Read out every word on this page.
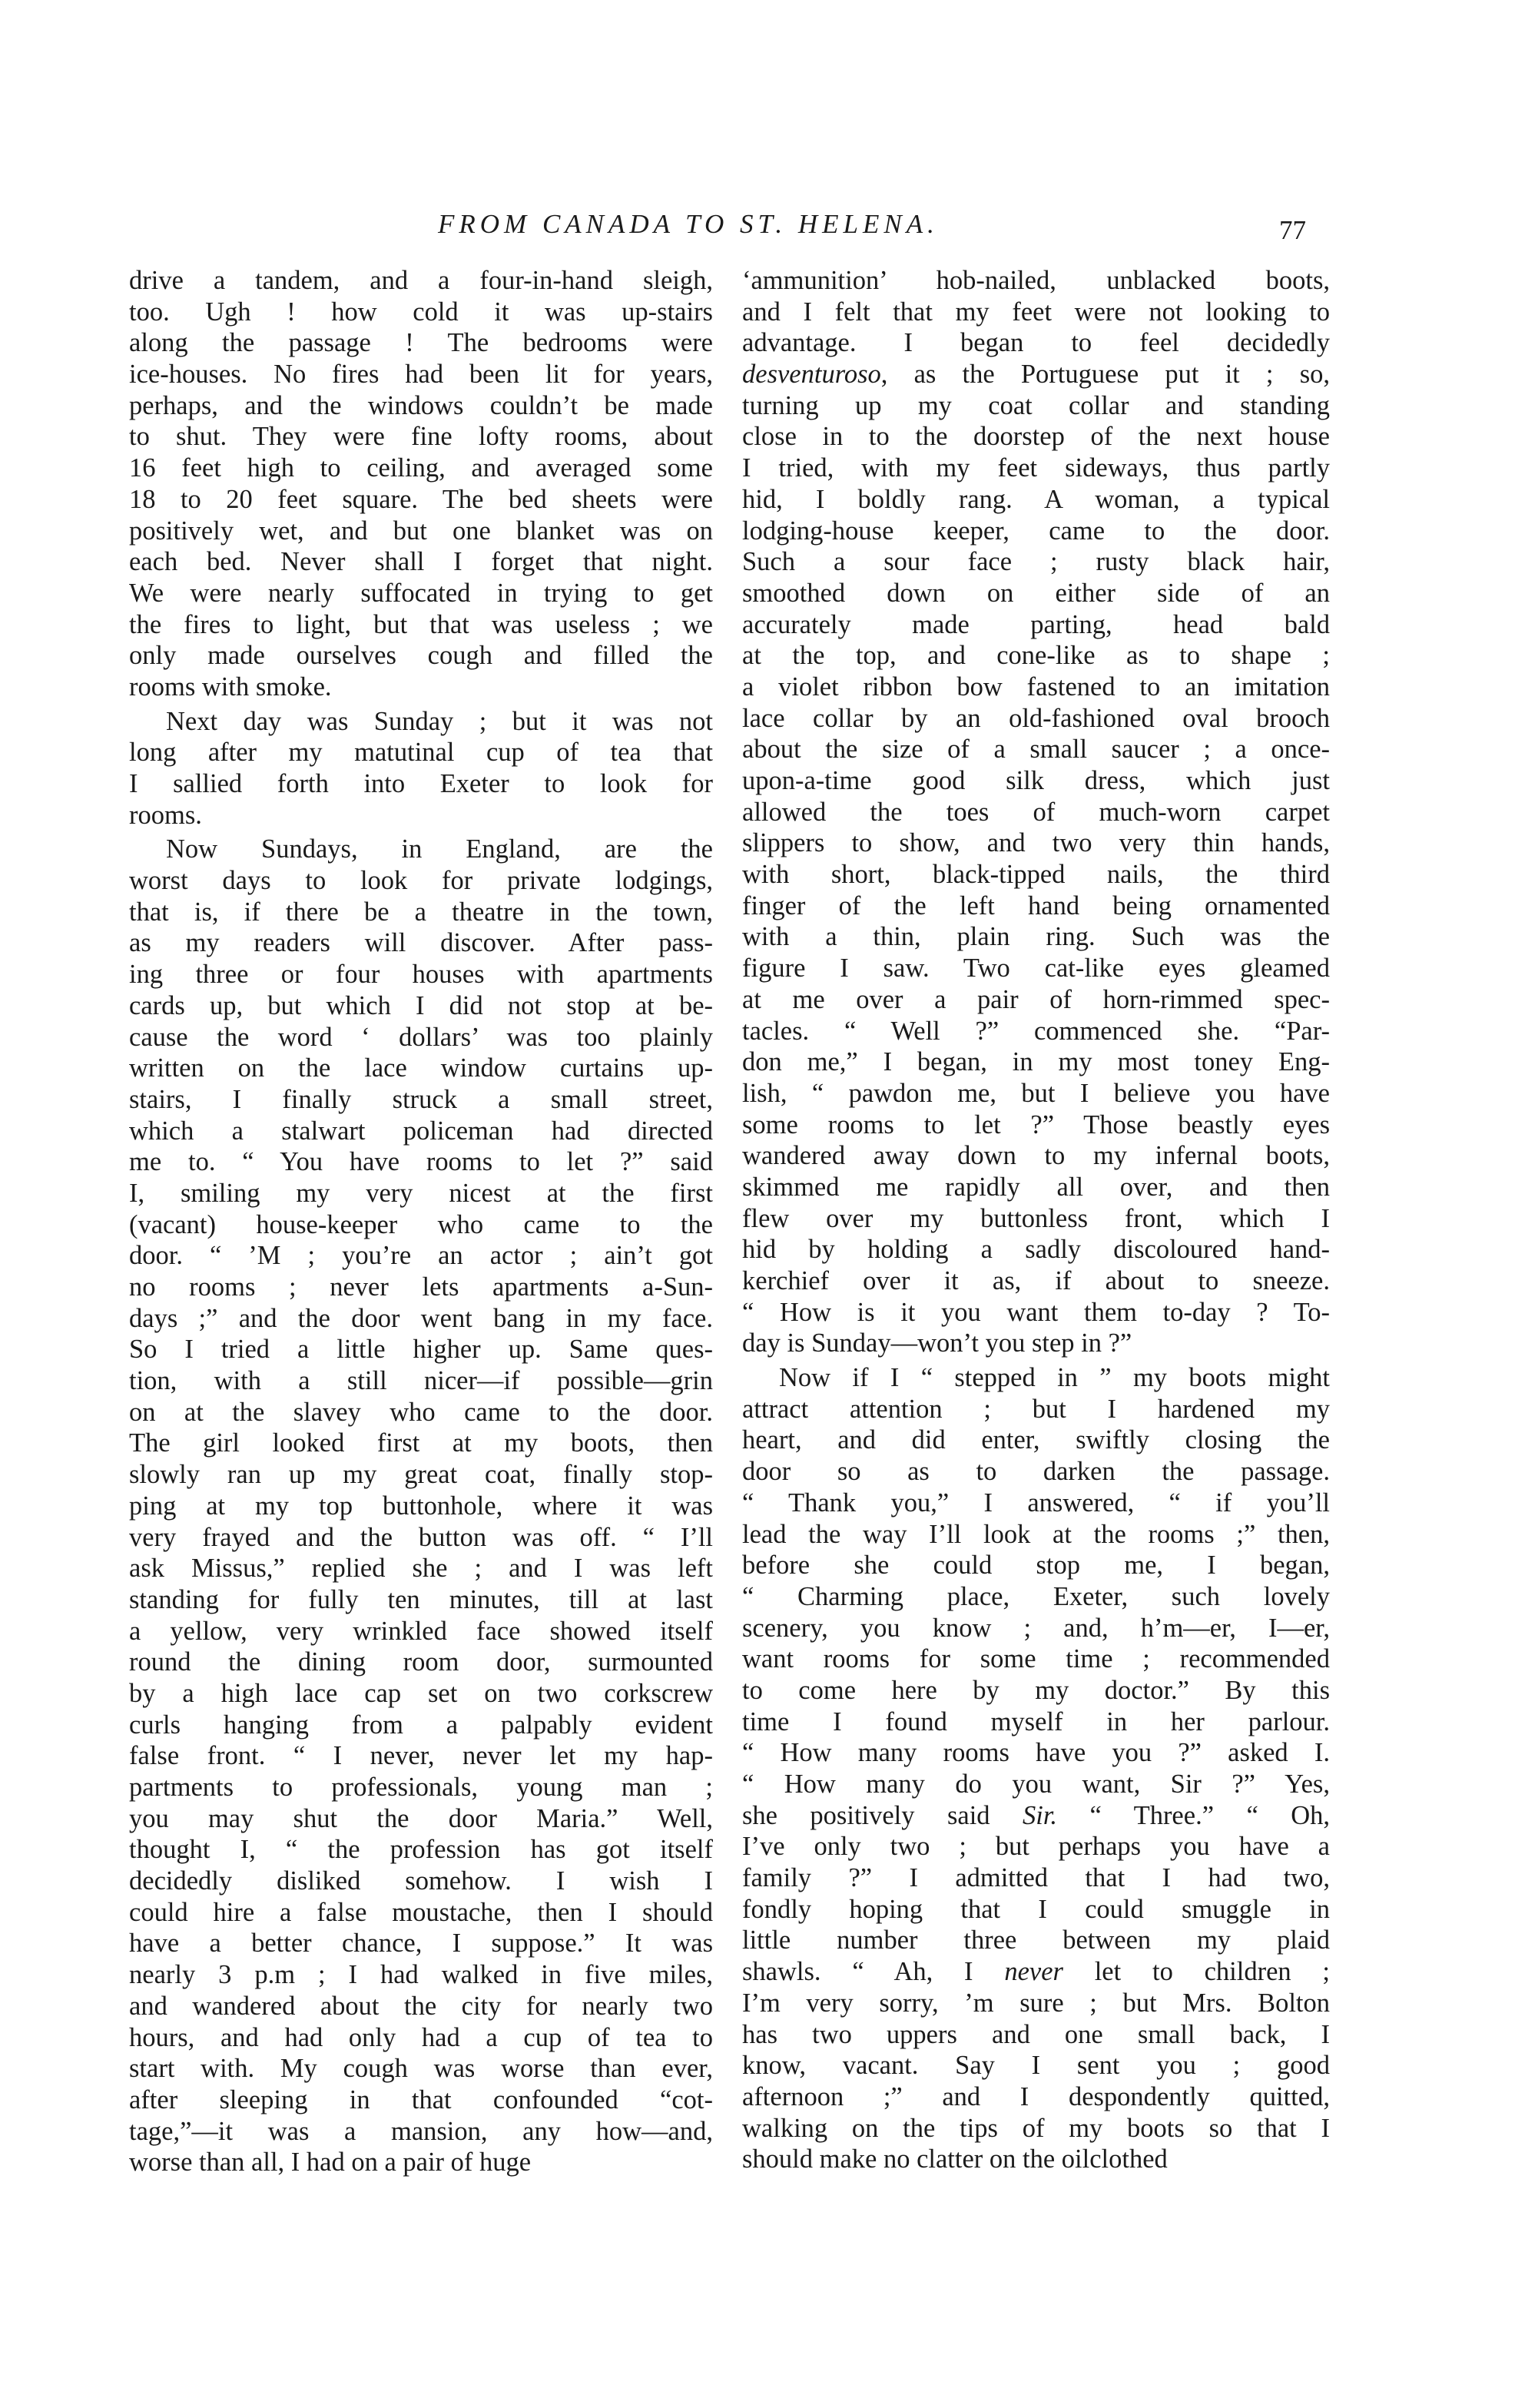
FROM CANADA TO ST. HELENA.	77
drive a tandem, and a four-in-hand sleigh,
too. Ugh ! how cold it was up-stairs
along the passage ! The bedrooms were
ice-houses. No fires had been lit for years,
perhaps, and the windows couldn’t be made
to shut. They were fine lofty rooms, about
16 feet high to ceiling, and averaged some
18 to 20 feet square. The bed sheets were
positively wet, and but one blanket was on
each bed. Never shall I forget that night.
We were nearly suffocated in trying to get
the fires to light, but that was useless ; we
only made ourselves cough and filled the
rooms with smoke.
Next day was Sunday ; but it was not
long after my matutinal cup of tea that
I sallied forth into Exeter to look for
rooms.
Now Sundays, in England, are the
worst days to look for private lodgings,
that is, if there be a theatre in the town,
as my readers will discover. After pass-
ing three or four houses with apartments
cards up, but which I did not stop at be-
cause the word ‘ dollars’ was too plainly
written on the lace window curtains up-
stairs, I finally struck a small street,
which a stalwart policeman had directed
me to. “ You have rooms to let ?” said
I, smiling my very nicest at the first
(vacant) house-keeper who came to the
door. “ ’M ; you’re an actor ; ain’t got
no rooms ; never lets apartments a-Sun-
days ;” and the door went bang in my face.
So I tried a little higher up. Same ques-
tion, with a still nicer—if possible—grin
on at the slavey who came to the door.
The girl looked first at my boots, then
slowly ran up my great coat, finally stop-
ping at my top buttonhole, where it was
very frayed and the button was off. “ I’ll
ask Missus,” replied she ; and I was left
standing for fully ten minutes, till at last
a yellow, very wrinkled face showed itself
round the dining room door, surmounted
by a high lace cap set on two corkscrew
curls hanging from a palpably evident
false front. “ I never, never let my hap-
partments to professionals, young man ;
you may shut the door Maria.” Well,
thought I, “ the profession has got itself
decidedly disliked somehow. I wish I
could hire a false moustache, then I should
have a better chance, I suppose.” It was
nearly 3 p.m ; I had walked in five miles,
and wandered about the city for nearly two
hours, and had only had a cup of tea to
start with. My cough was worse than ever,
after sleeping in that confounded “cot-
tage,”—it was a mansion, any how—and,
worse than all, I had on a pair of huge
‘ammunition’ hob-nailed, unblacked boots,
and I felt that my feet were not looking to
advantage. I began to feel decidedly
desventuroso, as the Portuguese put it ; so,
turning up my coat collar and standing
close in to the doorstep of the next house
I tried, with my feet sideways, thus partly
hid, I boldly rang. A woman, a typical
lodging-house keeper, came to the door.
Such a sour face ; rusty black hair,
smoothed down on either side of an
accurately made parting, head bald
at the top, and cone-like as to shape ;
a violet ribbon bow fastened to an imitation
lace collar by an old-fashioned oval brooch
about the size of a small saucer ; a once-
upon-a-time good silk dress, which just
allowed the toes of much-worn carpet
slippers to show, and two very thin hands,
with short, black-tipped nails, the third
finger of the left hand being ornamented
with a thin, plain ring. Such was the
figure I saw. Two cat-like eyes gleamed
at me over a pair of horn-rimmed spec-
tacles. “ Well ?” commenced she. “Par-
don me,” I began, in my most toney Eng-
lish, “ pawdon me, but I believe you have
some rooms to let ?” Those beastly eyes
wandered away down to my infernal boots,
skimmed me rapidly all over, and then
flew over my buttonless front, which I
hid by holding a sadly discoloured hand-
kerchief over it as, if about to sneeze.
“ How is it you want them to-day ? To-
day is Sunday—won’t you step in ?”
Now if I “ stepped in ” my boots might
attract attention ; but I hardened my
heart, and did enter, swiftly closing the
door so as to darken the passage.
“ Thank you,” I answered, “ if you’ll
lead the way I’ll look at the rooms ;” then,
before she could stop me, I began,
“ Charming place, Exeter, such lovely
scenery, you know ; and, h’m—er, I—er,
want rooms for some time ; recommended
to come here by my doctor.” By this
time I found myself in her parlour.
“ How many rooms have you ?” asked I.
“ How many do you want, Sir ?” Yes,
she positively said Sir. “ Three.” “ Oh,
I’ve only two ; but perhaps you have a
family ?” I admitted that I had two,
fondly hoping that I could smuggle in
little number three between my plaid
shawls. “ Ah, I never let to children ;
I’m very sorry, ’m sure ; but Mrs. Bolton
has two uppers and one small back, I
know, vacant. Say I sent you ; good
afternoon ;” and I despondently quitted,
walking on the tips of my boots so that I
should make no clatter on the oilclothed
